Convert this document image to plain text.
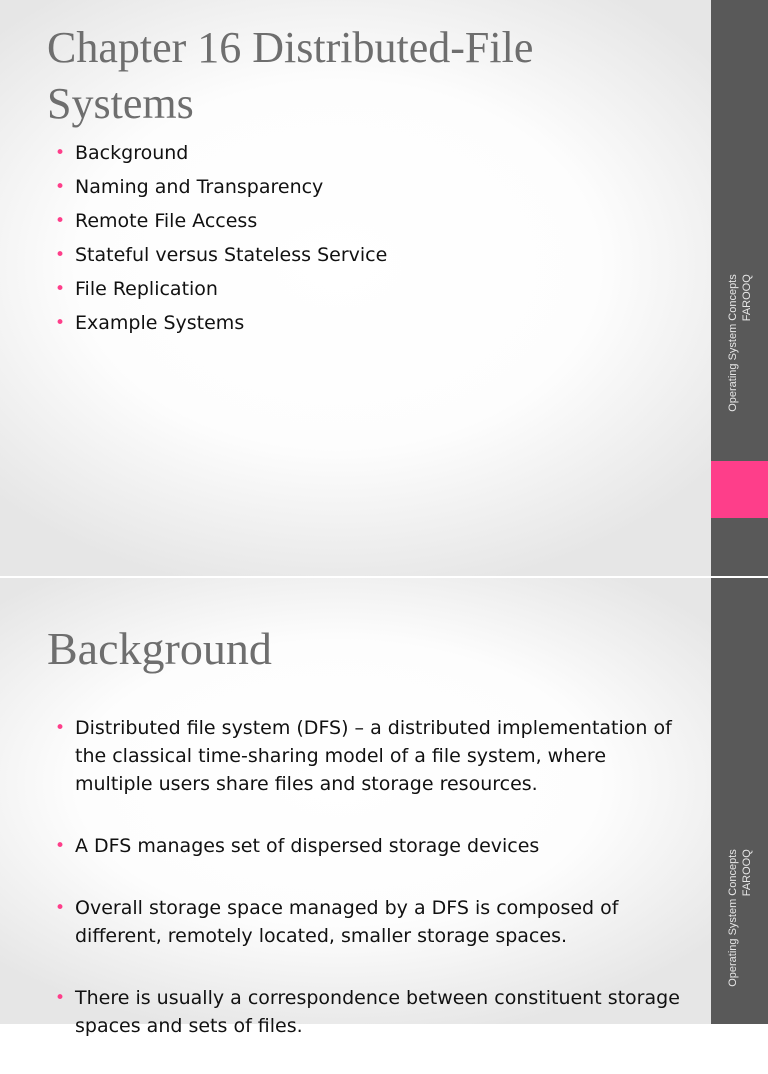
Chapter 16 Distributed-File Systems
• Background
• Naming and Transparency
• Remote File Access
• Stateful versus Stateless Service
• File Replication
• Example Systems	Operating System Concepts FAROOQ
Operating System Concepts FAROOQ
Background
• Distributed file system (DFS) – a distributed implementation of the classical time-sharing model of a file system, where multiple users share files and storage resources.
• A DFS manages set of dispersed storage devices
• Overall storage space managed by a DFS is composed of different, remotely located, smaller storage spaces.
• There is usually a correspondence between constituent storage spaces and sets of files.
